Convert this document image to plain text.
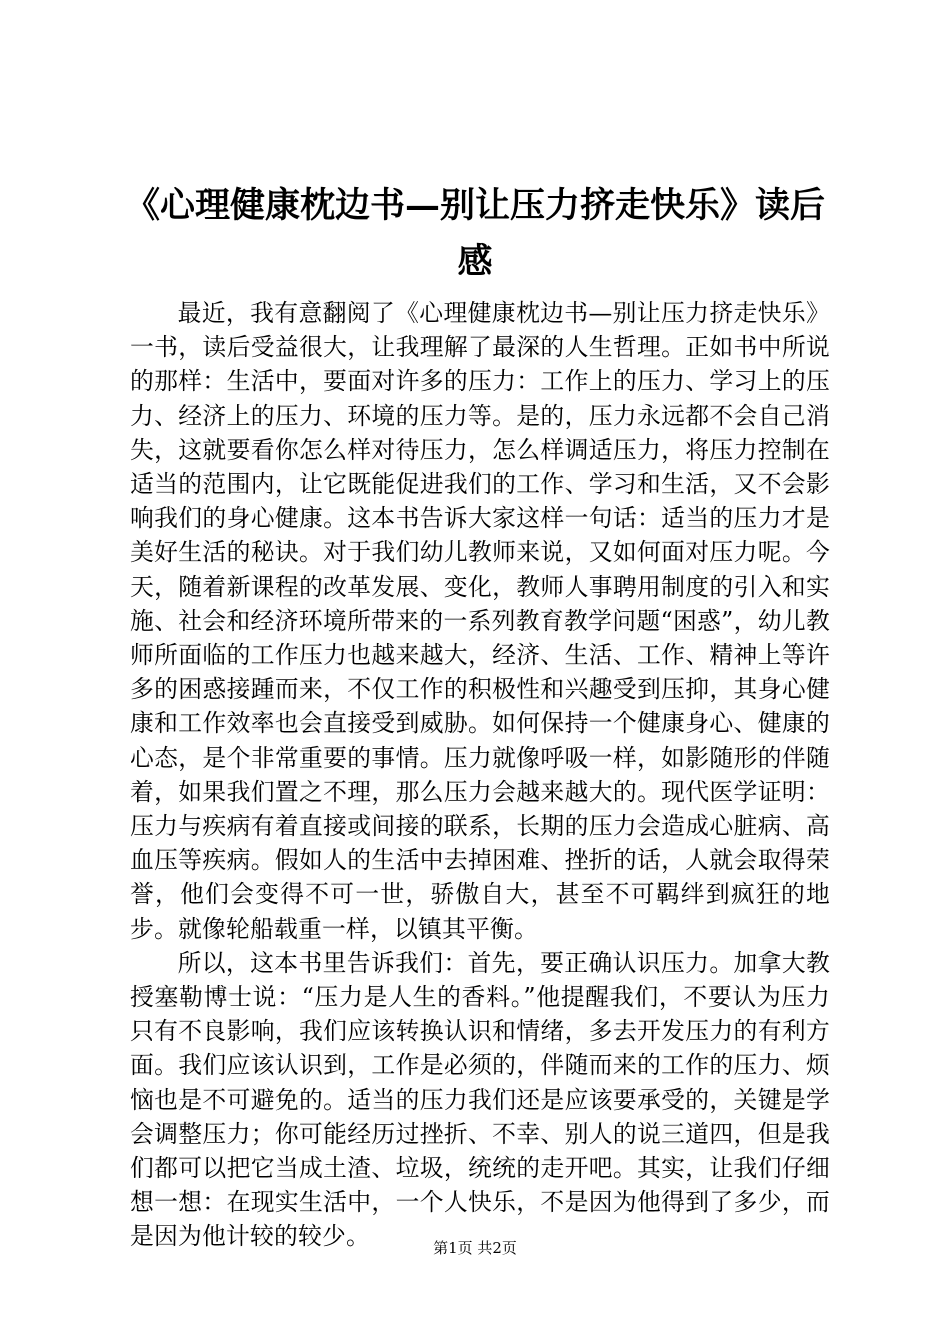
《心理健康枕边书—别让压力挤走快乐》读后感

最近，我有意翻阅了《心理健康枕边书—别让压力挤走快乐》一书，读后受益很大，让我理解了最深的人生哲理。正如书中所说的那样：生活中，要面对许多的压力：工作上的压力、学习上的压力、经济上的压力、环境的压力等。是的，压力永远都不会自己消失，这就要看你怎么样对待压力，怎么样调适压力，将压力控制在适当的范围内，让它既能促进我们的工作、学习和生活，又不会影响我们的身心健康。这本书告诉大家这样一句话：适当的压力才是美好生活的秘诀。对于我们幼儿教师来说，又如何面对压力呢。今天，随着新课程的改革发展、变化，教师人事聘用制度的引入和实施、社会和经济环境所带来的一系列教育教学问题“困惑”，幼儿教师所面临的工作压力也越来越大，经济、生活、工作、精神上等许多的困惑接踵而来，不仅工作的积极性和兴趣受到压抑，其身心健康和工作效率也会直接受到威胁。如何保持一个健康身心、健康的心态，是个非常重要的事情。压力就像呼吸一样，如影随形的伴随着，如果我们置之不理，那么压力会越来越大的。现代医学证明：压力与疾病有着直接或间接的联系，长期的压力会造成心脏病、高血压等疾病。假如人的生活中去掉困难、挫折的话，人就会取得荣誉，他们会变得不可一世，骄傲自大，甚至不可羁绊到疯狂的地步。就像轮船载重一样，以镇其平衡。

所以，这本书里告诉我们：首先，要正确认识压力。加拿大教授塞勒博士说：“压力是人生的香料。”他提醒我们，不要认为压力只有不良影响，我们应该转换认识和情绪，多去开发压力的有利方面。我们应该认识到，工作是必须的，伴随而来的工作的压力、烦恼也是不可避免的。适当的压力我们还是应该要承受的，关键是学会调整压力；你可能经历过挫折、不幸、别人的说三道四，但是我们都可以把它当成土渣、垃圾，统统的走开吧。其实，让我们仔细想一想：在现实生活中，一个人快乐，不是因为他得到了多少，而是因为他计较的较少。	第1页 共2页
